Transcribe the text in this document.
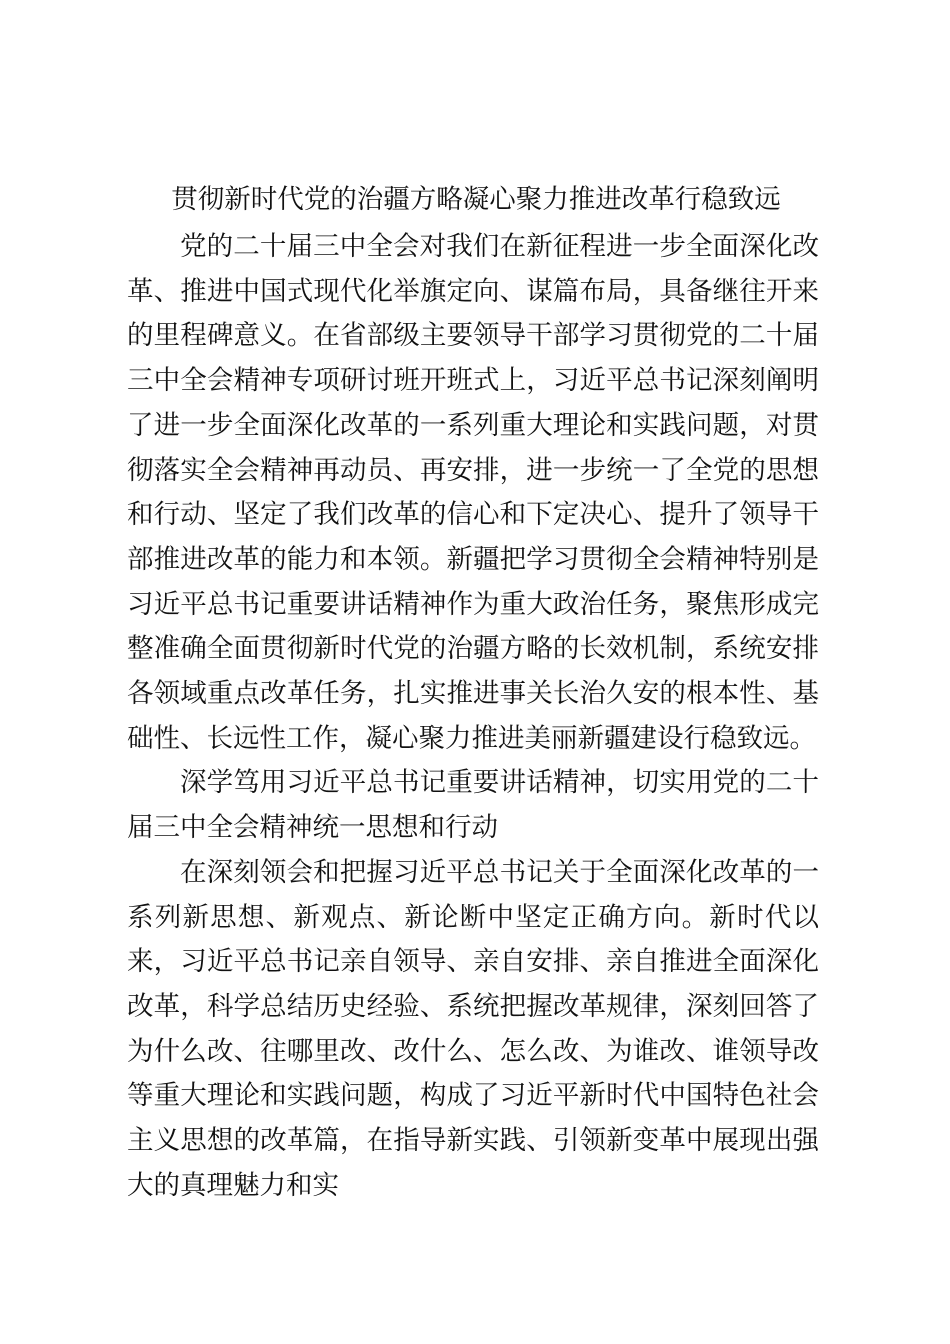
贯彻新时代党的治疆方略凝心聚力推进改革行稳致远

党的二十届三中全会对我们在新征程进一步全面深化改革、推进中国式现代化举旗定向、谋篇布局，具备继往开来的里程碑意义。在省部级主要领导干部学习贯彻党的二十届三中全会精神专项研讨班开班式上，习近平总书记深刻阐明了进一步全面深化改革的一系列重大理论和实践问题，对贯彻落实全会精神再动员、再安排，进一步统一了全党的思想和行动、坚定了我们改革的信心和下定决心、提升了领导干部推进改革的能力和本领。新疆把学习贯彻全会精神特别是习近平总书记重要讲话精神作为重大政治任务，聚焦形成完整准确全面贯彻新时代党的治疆方略的长效机制，系统安排各领域重点改革任务，扎实推进事关长治久安的根本性、基础性、长远性工作，凝心聚力推进美丽新疆建设行稳致远。

深学笃用习近平总书记重要讲话精神，切实用党的二十届三中全会精神统一思想和行动

在深刻领会和把握习近平总书记关于全面深化改革的一系列新思想、新观点、新论断中坚定正确方向。新时代以来，习近平总书记亲自领导、亲自安排、亲自推进全面深化改革，科学总结历史经验、系统把握改革规律，深刻回答了为什么改、往哪里改、改什么、怎么改、为谁改、谁领导改等重大理论和实践问题，构成了习近平新时代中国特色社会主义思想的改革篇，在指导新实践、引领新变革中展现出强大的真理魅力和实
